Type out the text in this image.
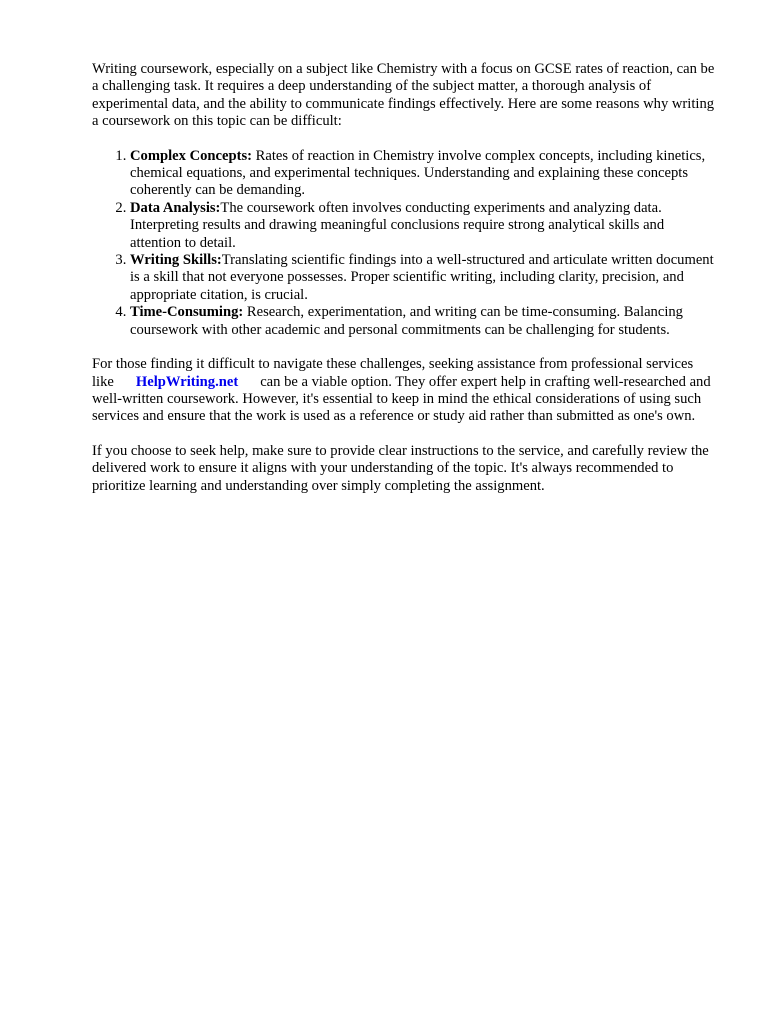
Writing coursework, especially on a subject like Chemistry with a focus on GCSE rates of reaction, can be a challenging task. It requires a deep understanding of the subject matter, a thorough analysis of experimental data, and the ability to communicate findings effectively. Here are some reasons why writing a coursework on this topic can be difficult:

1. Complex Concepts: Rates of reaction in Chemistry involve complex concepts, including kinetics, chemical equations, and experimental techniques. Understanding and explaining these concepts coherently can be demanding.
2. Data Analysis:The coursework often involves conducting experiments and analyzing data. Interpreting results and drawing meaningful conclusions require strong analytical skills and attention to detail.
3. Writing Skills:Translating scientific findings into a well-structured and articulate written document is a skill that not everyone possesses. Proper scientific writing, including clarity, precision, and appropriate citation, is crucial.
4. Time-Consuming: Research, experimentation, and writing can be time-consuming. Balancing coursework with other academic and personal commitments can be challenging for students.

For those finding it difficult to navigate these challenges, seeking assistance from professional services like HelpWriting.net can be a viable option. They offer expert help in crafting well-researched and well-written coursework. However, it's essential to keep in mind the ethical considerations of using such services and ensure that the work is used as a reference or study aid rather than submitted as one's own.

If you choose to seek help, make sure to provide clear instructions to the service, and carefully review the delivered work to ensure it aligns with your understanding of the topic. It's always recommended to prioritize learning and understanding over simply completing the assignment.
